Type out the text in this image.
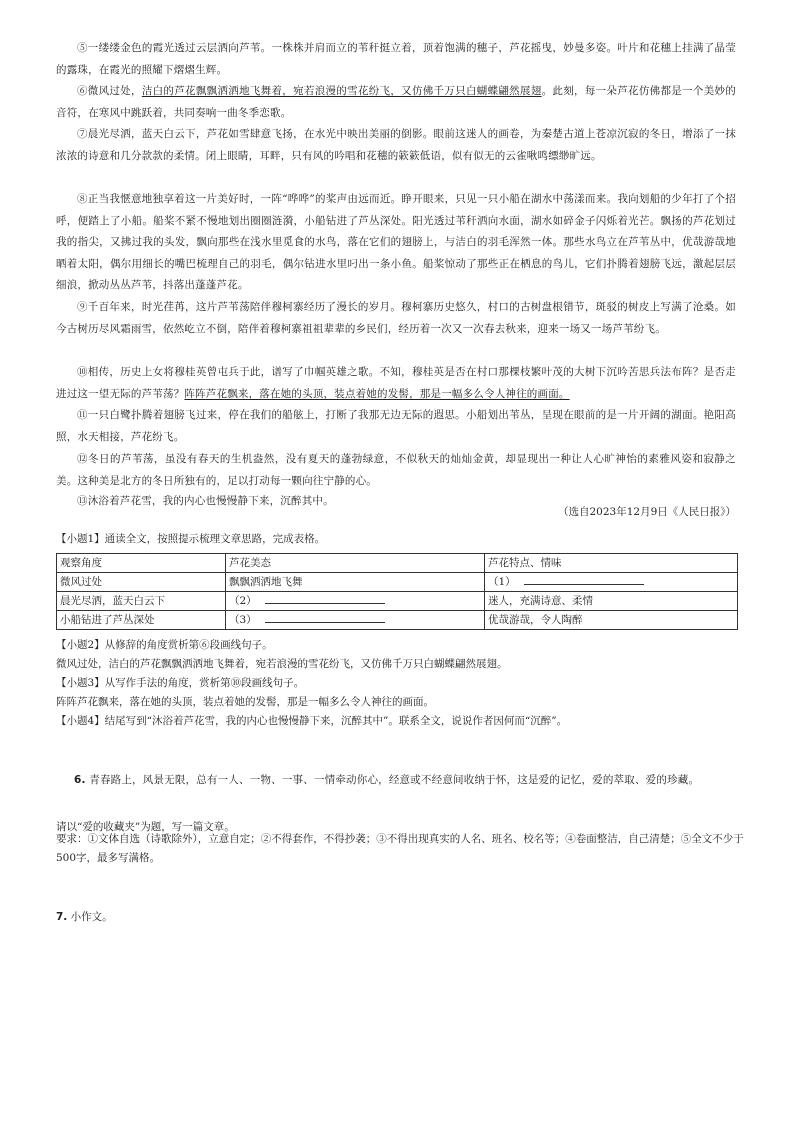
⑤一缕缕金色的霞光透过云层洒向芦苇。一株株并肩而立的苇秆挺立着，顶着饱满的穗子，芦花摇曳，妙曼多姿。叶片和花穗上挂满了晶莹的露珠，在霞光的照耀下熠熠生辉。

⑥微风过处，洁白的芦花飘飘洒洒地飞舞着，宛若浪漫的雪花纷飞，又仿佛千万只白蝴蝶翩然展翅。此刻，每一朵芦花仿佛都是一个美妙的音符，在寒风中跳跃着，共同奏响一曲冬季恋歌。

⑦晨光尽洒，蓝天白云下，芦花如雪肆意飞扬，在水光中映出美丽的倒影。眼前这迷人的画卷，为秦楚古道上苍凉沉寂的冬日，增添了一抹浓浓的诗意和几分款款的柔情。闭上眼睛，耳畔，只有风的吟唱和花穗的簌簌低语，似有似无的云雀啾鸣缥缈旷远。

⑧正当我惬意地独享着这一片美好时，一阵“哗哗”的桨声由远而近。睁开眼来，只见一只小船在湖水中荡漾而来。我向划船的少年打了个招呼，便踏上了小船。船桨不紧不慢地划出圈圈涟漪，小船钻进了芦丛深处。阳光透过苇秆洒向水面，湖水如碎金子闪烁着光芒。飘扬的芦花划过我的指尖，又拂过我的头发，飘向那些在浅水里觅食的水鸟，落在它们的翅膀上，与洁白的羽毛浑然一体。那些水鸟立在芦苇丛中，优哉游哉地晒着太阳，偶尔用细长的嘴巴梳理自己的羽毛，偶尔钻进水里叼出一条小鱼。船桨惊动了那些正在栖息的鸟儿，它们扑腾着翅膀飞远，激起层层细浪，掀动丛丛芦苇，抖落出蓬蓬芦花。

⑨千百年来，时光荏苒，这片芦苇荡陪伴穆柯寨经历了漫长的岁月。穆柯寨历史悠久，村口的古树盘根错节，斑驳的树皮上写满了沧桑。如今古树历尽风霜雨雪，依然屹立不倒，陪伴着穆柯寨祖祖辈辈的乡民们，经历着一次又一次春去秋来，迎来一场又一场芦苇纷飞。

⑩相传，历史上女将穆桂英曾屯兵于此，谱写了巾帼英雄之歌。不知，穆桂英是否在村口那棵枝繁叶茂的大树下沉吟苦思兵法布阵？是否走进过这一望无际的芦苇荡？阵阵芦花飘来，落在她的头顶，装点着她的发髻，那是一幅多么令人神往的画面。

⑪一只白鹭扑腾着翅膀飞过来，停在我们的船舷上，打断了我那无边无际的遐思。小船划出苇丛，呈现在眼前的是一片开阔的湖面。艳阳高照，水天相接，芦花纷飞。

⑫冬日的芦苇荡，虽没有春天的生机盎然，没有夏天的蓬勃绿意，不似秋天的灿灿金黄，却显现出一种让人心旷神怡的素雅风姿和寂静之美。这种美是北方的冬日所独有的，足以打动每一颗向往宁静的心。

⑬沐浴着芦花雪，我的内心也慢慢静下来，沉醉其中。

（选自2023年12月9日《人民日报》）

【小题1】通读全文，按照提示梳理文章思路，完成表格。

观察角度	芦花美态	芦花特点、情味
微风过处	飘飘洒洒地飞舞	（1）
晨光尽洒，蓝天白云下	（2）	迷人，充满诗意、柔情
小船钻进了芦丛深处	（3）	优哉游哉，令人陶醉

【小题2】从修辞的角度赏析第⑥段画线句子。

微风过处，洁白的芦花飘飘洒洒地飞舞着，宛若浪漫的雪花纷飞，又仿佛千万只白蝴蝶翩然展翅。

【小题3】从写作手法的角度，赏析第⑩段画线句子。

阵阵芦花飘来，落在她的头顶，装点着她的发髻，那是一幅多么令人神往的画面。

【小题4】结尾写到“沐浴着芦花雪，我的内心也慢慢静下来，沉醉其中”。联系全文，说说作者因何而“沉醉”。

6. 青春路上，风景无限，总有一人、一物、一事、一情牵动你心，经意或不经意间收纳于怀，这是爱的记忆，爱的萃取、爱的珍藏。

请以“爱的收藏夹”为题，写一篇文章。

要求：①文体自选（诗歌除外），立意自定；②不得套作，不得抄袭；③不得出现真实的人名、班名、校名等；④卷面整洁，自己清楚；⑤全文不少于500字，最多写满格。

7. 小作文。
